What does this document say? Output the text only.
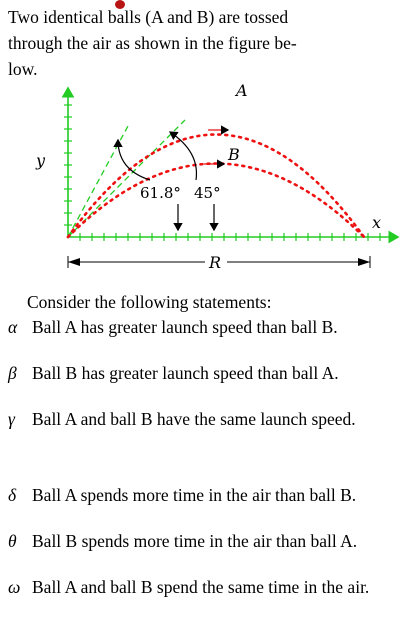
Two identical balls (A and B) are tossed
through the air as shown in the figure be-
low.
A
B
y
x
R
61.8° 45°
Consider the following statements:
α Ball A has greater launch speed than ball B.
β Ball B has greater launch speed than ball A.
γ Ball A and ball B have the same launch speed.
δ Ball A spends more time in the air than ball B.
θ Ball B spends more time in the air than ball A.
ω Ball A and ball B spend the same time in the air.
